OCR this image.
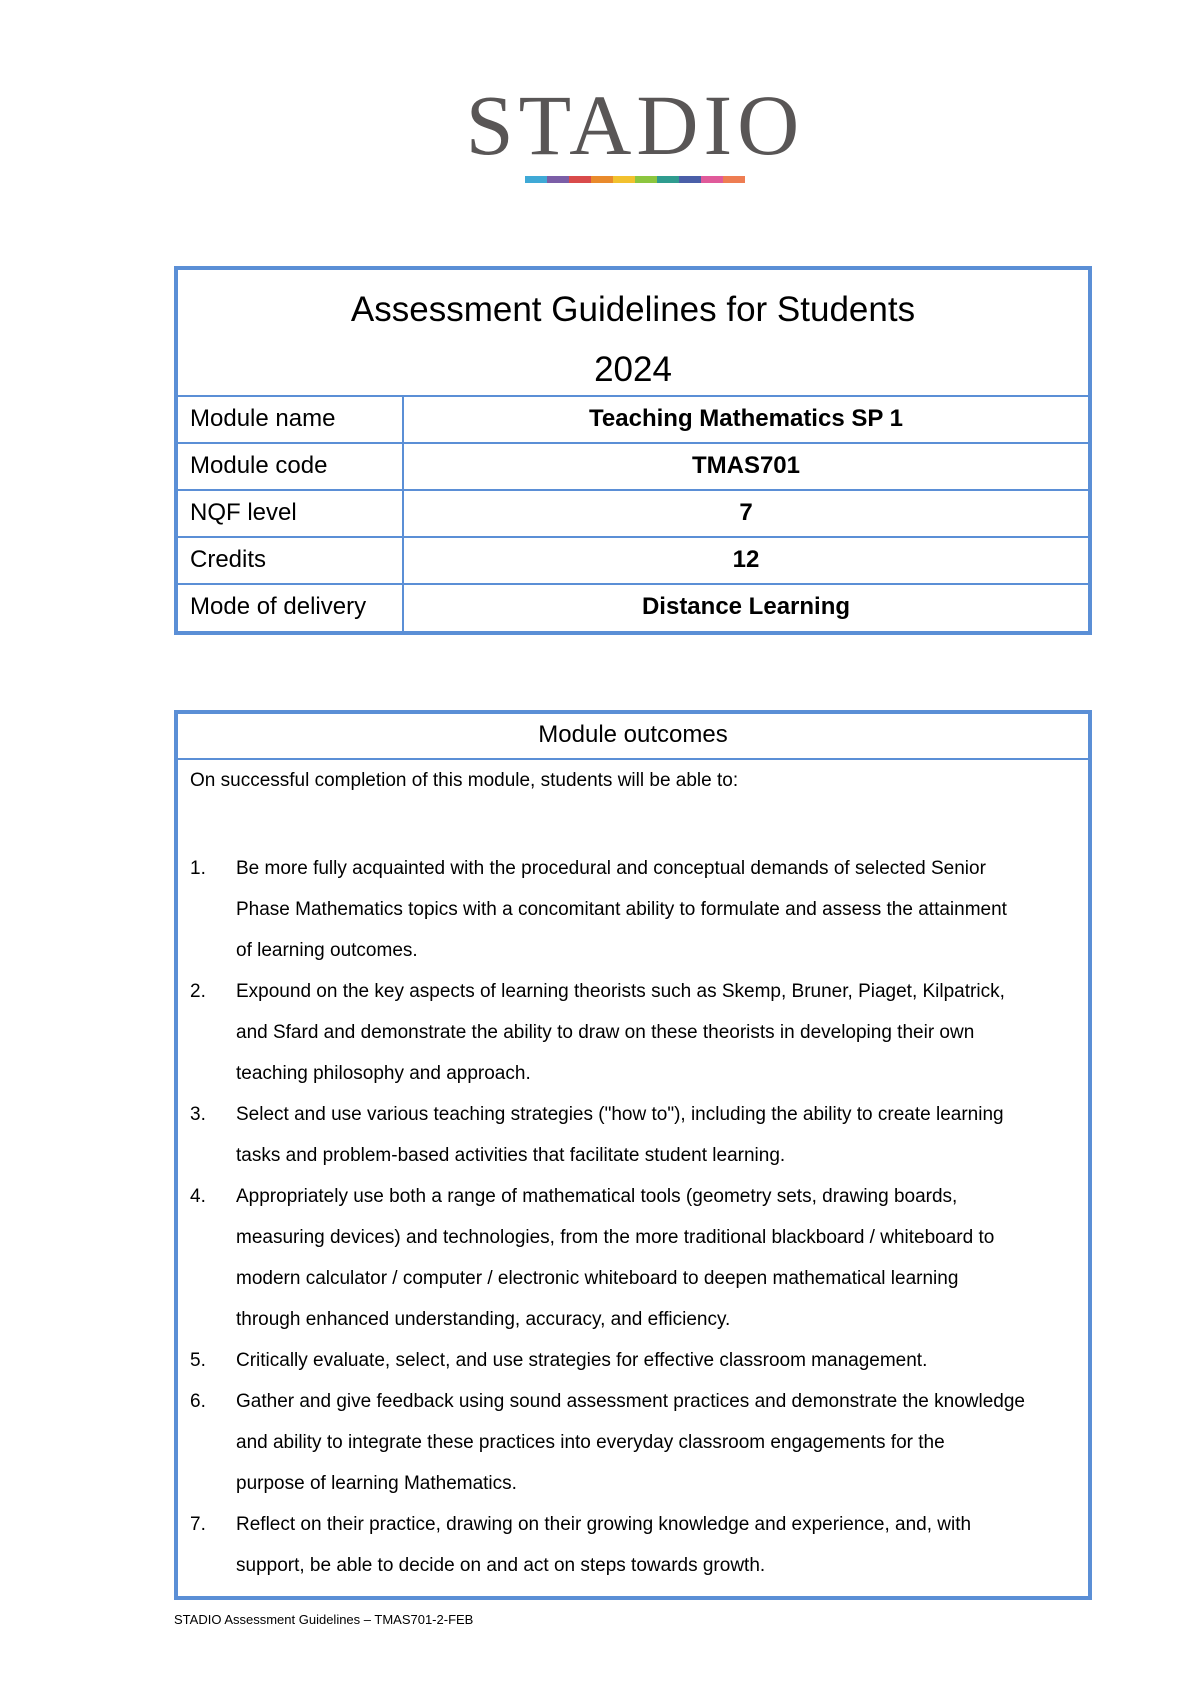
STADIO
Assessment Guidelines for Students
2024
Module name	Teaching Mathematics SP 1
Module code	TMAS701
NQF level	7
Credits	12
Mode of delivery	Distance Learning
Module outcomes

On successful completion of this module, students will be able to:

1.	Be more fully acquainted with the procedural and conceptual demands of selected Senior
Phase Mathematics topics with a concomitant ability to formulate and assess the attainment
of learning outcomes.
2.	Expound on the key aspects of learning theorists such as Skemp, Bruner, Piaget, Kilpatrick,
and Sfard and demonstrate the ability to draw on these theorists in developing their own
teaching philosophy and approach.
3.	Select and use various teaching strategies ("how to"), including the ability to create learning
tasks and problem-based activities that facilitate student learning.
4.	Appropriately use both a range of mathematical tools (geometry sets, drawing boards,
measuring devices) and technologies, from the more traditional blackboard / whiteboard to
modern calculator / computer / electronic whiteboard to deepen mathematical learning
through enhanced understanding, accuracy, and efficiency.
5.	Critically evaluate, select, and use strategies for effective classroom management.
6.	Gather and give feedback using sound assessment practices and demonstrate the knowledge
and ability to integrate these practices into everyday classroom engagements for the
purpose of learning Mathematics.
7.	Reflect on their practice, drawing on their growing knowledge and experience, and, with
support, be able to decide on and act on steps towards growth.
STADIO Assessment Guidelines – TMAS701-2-FEB
